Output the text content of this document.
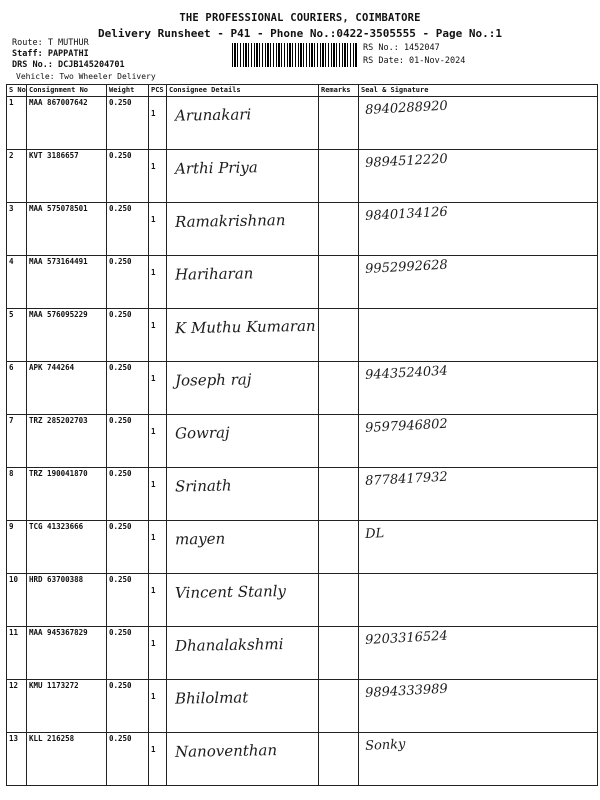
THE PROFESSIONAL COURIERS, COIMBATORE
Delivery Runsheet - P41 - Phone No.:0422-3505555 - Page No.:1
Route: T MUTHUR
Staff: PAPPATHI
DRS No.: DCJB145204701
RS No.: 1452047
RS Date: 01-Nov-2024
Vehicle: Two Wheeler Delivery
S No	Consignment No	Weight	PCS	Consignee Details	Remarks	Seal & Signature
1	MAA 867007642	0.250	1	Arunakari		8940288920

2	KVT 3186657	0.250	1	Arthi Priya		9894512220

3	MAA 575078501	0.250	1	Ramakrishnan		9840134126

4	MAA 573164491	0.250	1	Hariharan		9952992628

5	MAA 576095229	0.250	1	K Muthu Kumaran		

6	APK 744264	0.250	1	Joseph raj		9443524034

7	TRZ 285202703	0.250	1	Gowraj		9597946802

8	TRZ 190041870	0.250	1	Srinath		8778417932

9	TCG 41323666	0.250	1	mayen		DL

10	HRD 63700388	0.250	1	Vincent Stanly		

11	MAA 945367829	0.250	1	Dhanalakshmi		9203316524

12	KMU 1173272	0.250	1	Bhilolmat		9894333989

13	KLL 216258	0.250	1	Nanoventhan		Sonky
